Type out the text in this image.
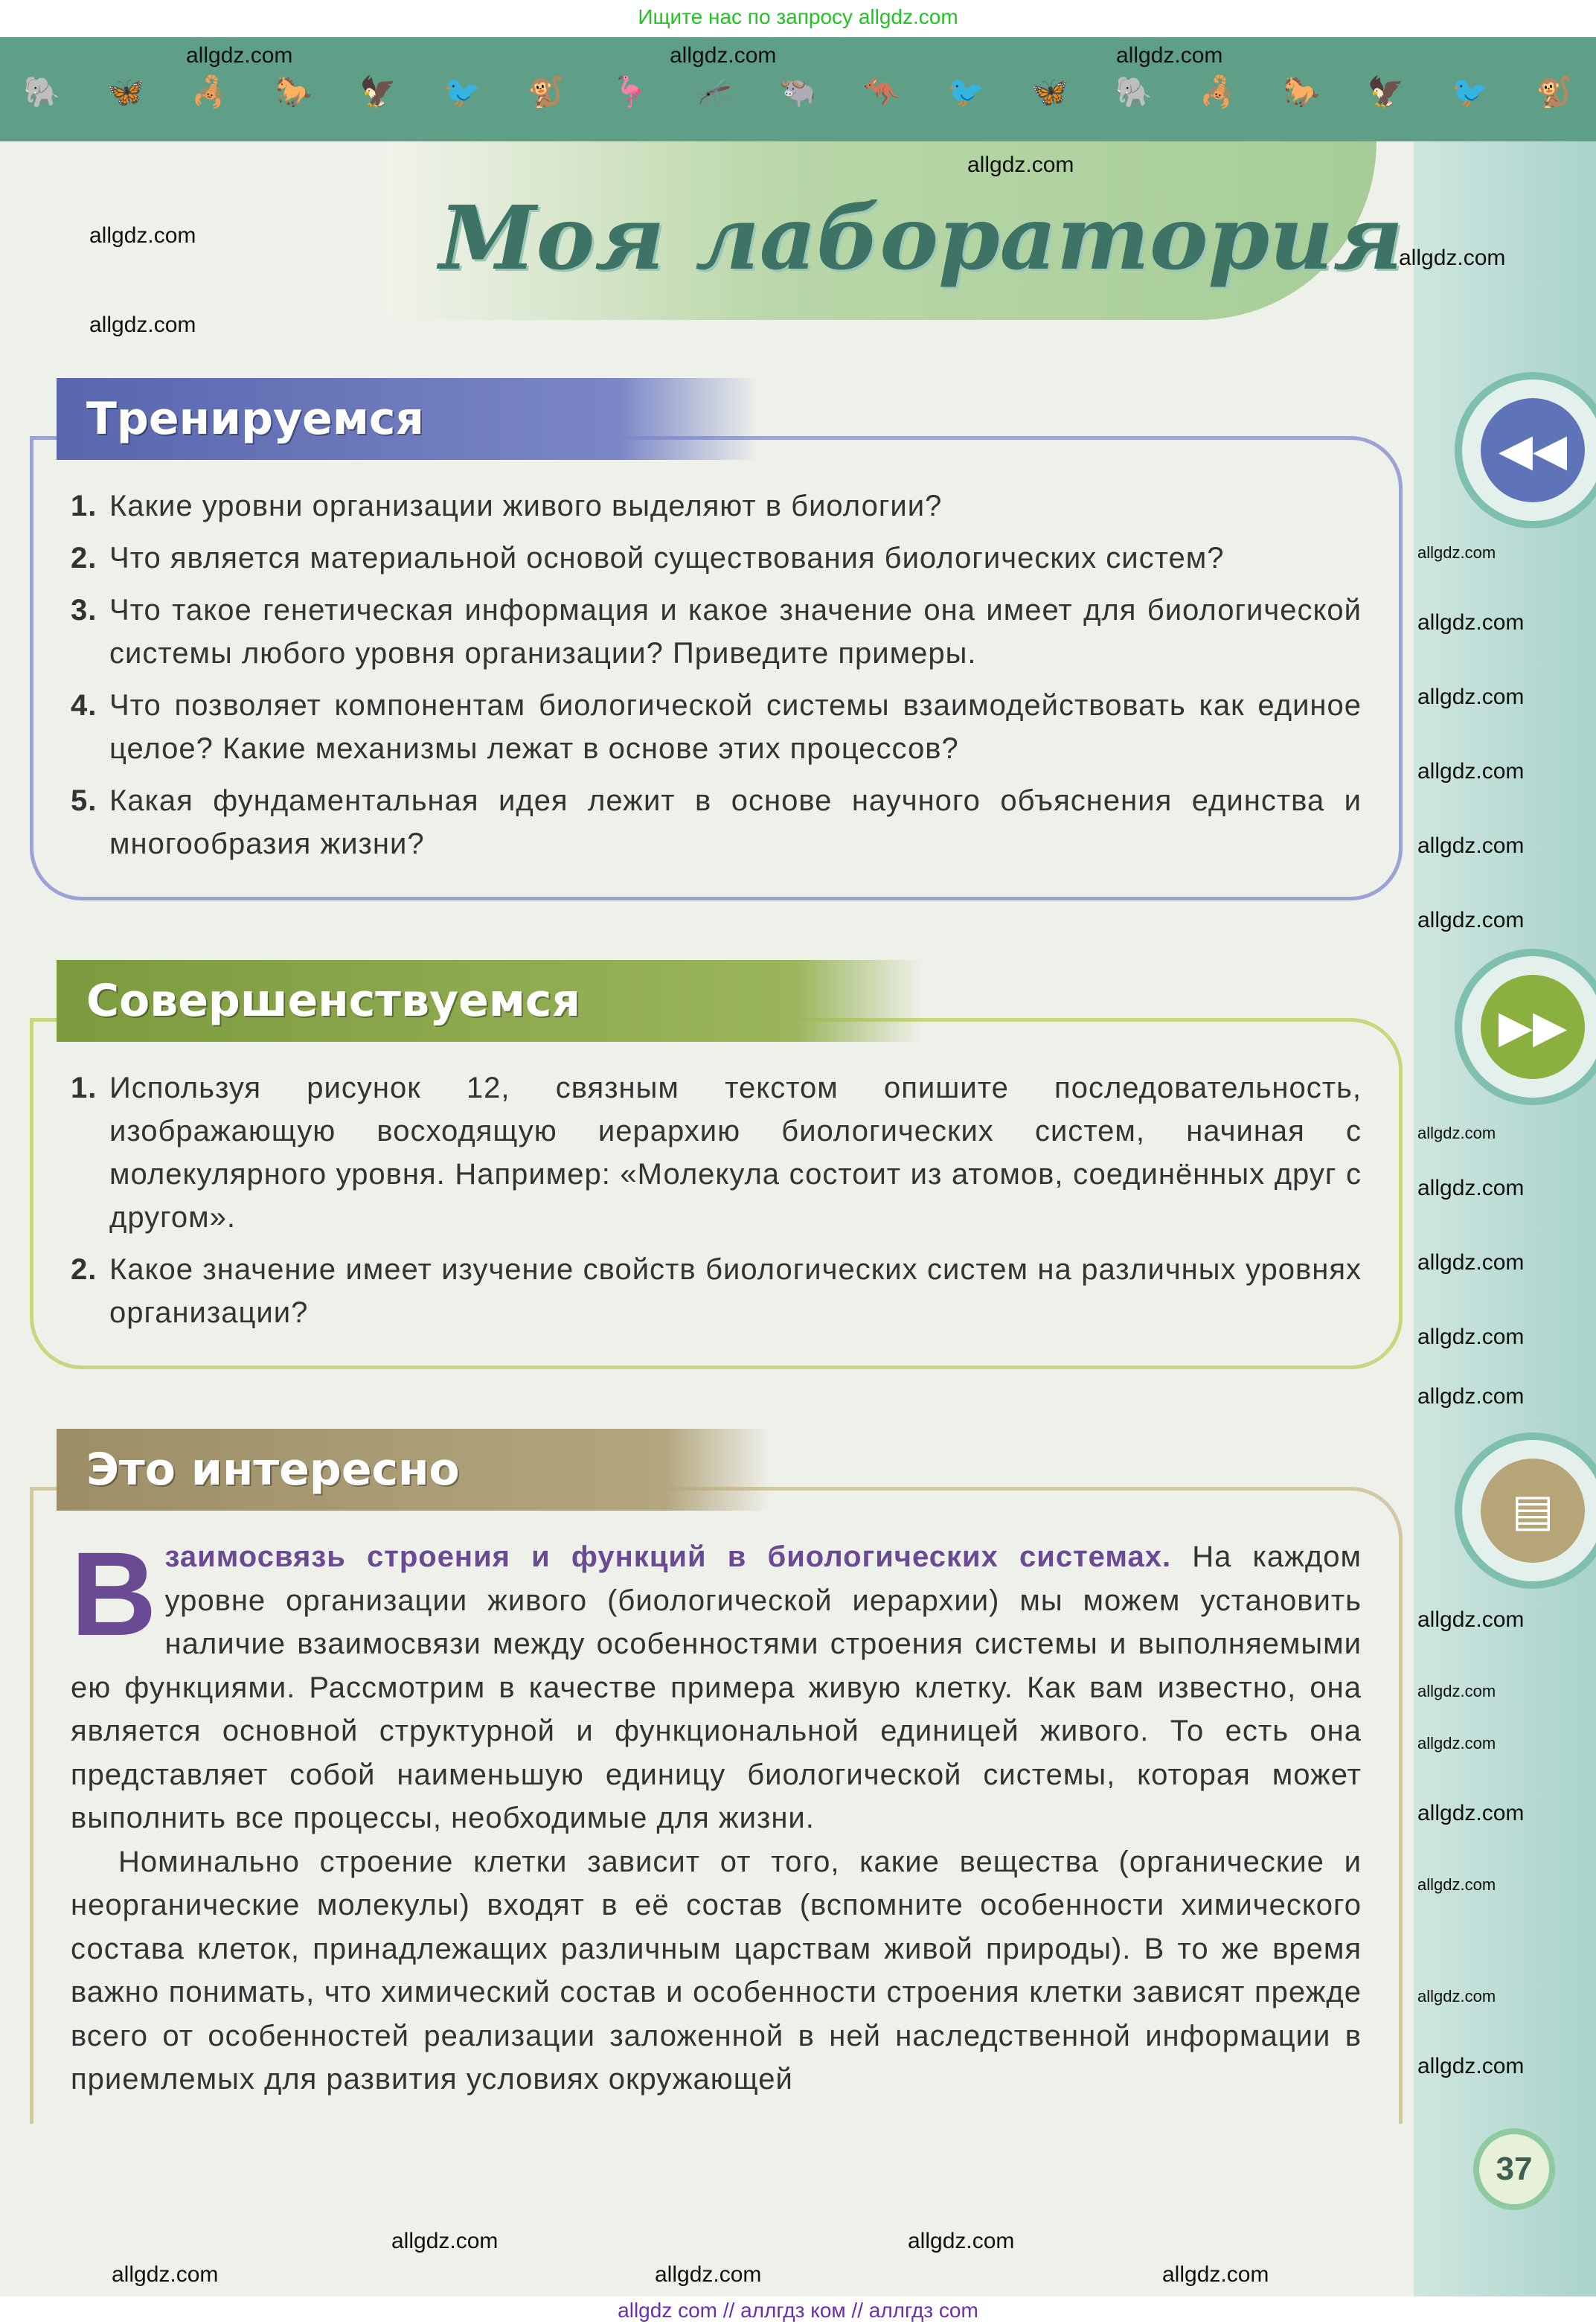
Ищите нас по запросу allgdz.com
🐘 🦋 🦂 🐎 🦅 🐦 🐒 🦩 🦟 🐃 🦘 🐦 🦋 🐘 🦂 🐎 🦅 🐦 🐒
Моя лаборатория
Тренируемся
1. Какие уровни организации живого выделяют в биологии?
2. Что является материальной основой существования биологических систем?
3. Что такое генетическая информация и какое значение она имеет для биологической системы любого уровня организации? Приведите примеры.
4. Что позволяет компонентам биологической системы взаимодействовать как единое целое? Какие механизмы лежат в основе этих процессов?
5. Какая фундаментальная идея лежит в основе научного объяснения единства и многообразия жизни?
Совершенствуемся
1. Используя рисунок 12, связным текстом опишите последовательность, изображающую восходящую иерархию биологических систем, начиная с молекулярного уровня. Например: «Молекула состоит из атомов, соединённых друг с другом».
2. Какое значение имеет изучение свойств биологических систем на различных уровнях организации?
Это интересно
Взаимосвязь строения и функций в биологических системах. На каждом уровне организации живого (биологической иерархии) мы можем установить наличие взаимосвязи между особенностями строения системы и выполняемыми ею функциями. Рассмотрим в качестве примера живую клетку. Как вам известно, она является основной структурной и функциональной единицей живого. То есть она представляет собой наименьшую единицу биологической системы, которая может выполнить все процессы, необходимые для жизни.
Номинально строение клетки зависит от того, какие вещества (органические и неорганические молекулы) входят в её состав (вспомните особенности химического состава клеток, принадлежащих различным царствам живой природы). В то же время важно понимать, что химический состав и особенности строения клетки зависят прежде всего от особенностей реализации заложенной в ней наследственной информации в приемлемых для развития условиях окружающей
◀◀
▶▶
▤
37
allgdz.com	allgdz.com	allgdz.com
allgdz.com
allgdz.com
allgdz.com
allgdz.com
allgdz.com
allgdz.com
allgdz.com
allgdz.com
allgdz.com
allgdz.com
allgdz.com
allgdz.com
allgdz.com
allgdz.com
allgdz.com
allgdz.com
allgdz.com
allgdz.com
allgdz.com
allgdz.com
allgdz.com
allgdz.com
allgdz.com
allgdz.com
allgdz.com
allgdz.com
allgdz.com
allgdz com // аллгдз ком // аллгдз com
